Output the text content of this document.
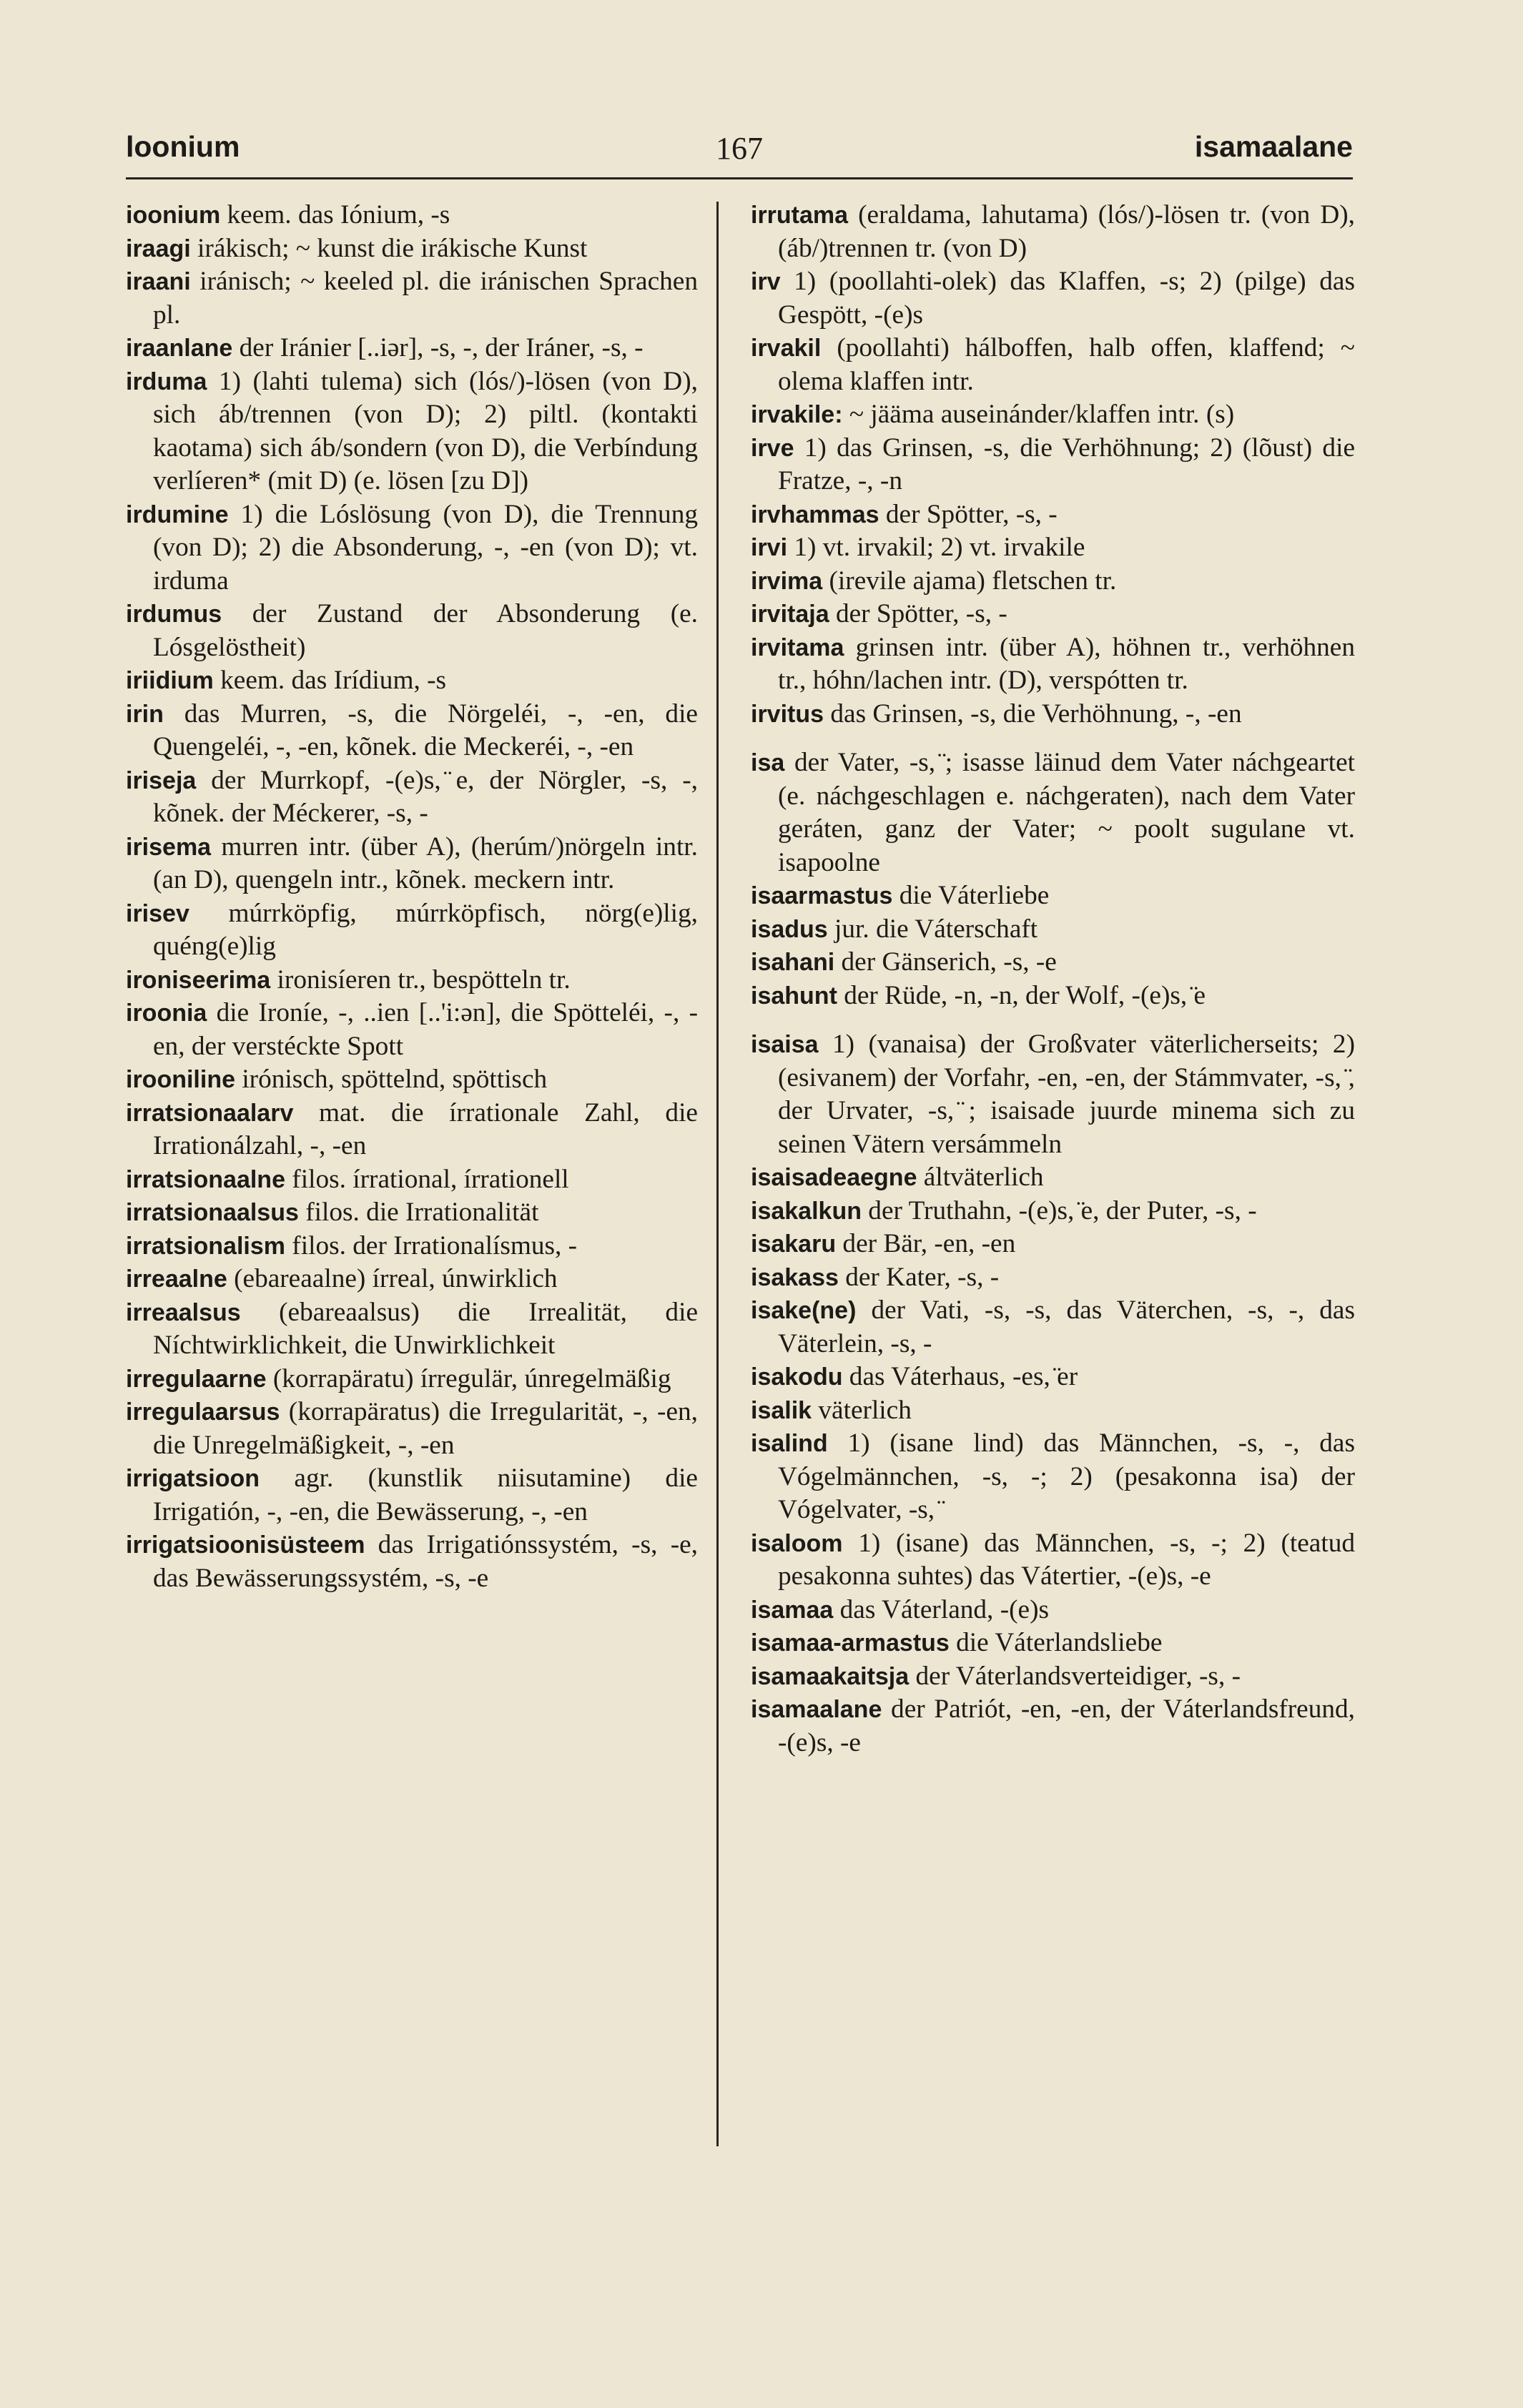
loonium	167	isamaalane
ioonium keem. das Iónium, -s
iraagi irákisch; ~ kunst die irákische Kunst
iraani iránisch; ~ keeled pl. die iránischen Sprachen pl.
iraanlane der Iránier [..iər], -s, -, der Iráner, -s, -
irduma 1) (lahti tulema) sich (lós/)-lösen (von D), sich áb/trennen (von D); 2) piltl. (kontakti kaotama) sich áb/sondern (von D), die Verbíndung verlíeren* (mit D) (e. lösen [zu D])
irdumine 1) die Lóslösung (von D), die Trennung (von D); 2) die Absonderung, -, -en (von D); vt. irduma
irdumus der Zustand der Absonderung (e. Lósgelöstheit)
iriidium keem. das Irídium, -s
irin das Murren, -s, die Nörgeléi, -, -en, die Quengeléi, -, -en, kõnek. die Meckeréi, -, -en
iriseja der Murrkopf, -(e)s, ̈e, der Nörgler, -s, -, kõnek. der Méckerer, -s, -
irisema murren intr. (über A), (herúm/)nörgeln intr. (an D), quengeln intr., kõnek. meckern intr.
irisev múrrköpfig, múrrköpfisch, nörg(e)lig, quéng(e)lig
ironiseerima ironisíeren tr., bespötteln tr.
iroonia die Ironíe, -, ..ien [..'i:ən], die Spötteléi, -, -en, der verstéckte Spott
irooniline irónisch, spöttelnd, spöttisch
irratsionaalarv mat. die írrationale Zahl, die Irrationálzahl, -, -en
irratsionaalne filos. írrational, írrationell
irratsionaalsus filos. die Irrationalität
irratsionalism filos. der Irrationalísmus, -
irreaalne (ebareaalne) írreal, únwirklich
irreaalsus (ebareaalsus) die Irrealität, die Níchtwirklichkeit, die Unwirklichkeit
irregulaarne (korrapäratu) írregulär, únregelmäßig
irregulaarsus (korrapäratus) die Irregularität, -, -en, die Unregelmäßigkeit, -, -en
irrigatsioon agr. (kunstlik niisutamine) die Irrigatión, -, -en, die Bewässerung, -, -en
irrigatsioonisüsteem das Irrigatiónssystém, -s, -e, das Bewässerungssystém, -s, -e
irrutama (eraldama, lahutama) (lós/)-lösen tr. (von D), (áb/)trennen tr. (von D)
irv 1) (poollahti-olek) das Klaffen, -s; 2) (pilge) das Gespött, -(e)s
irvakil (poollahti) hálboffen, halb offen, klaffend; ~ olema klaffen intr.
irvakile: ~ jääma auseinánder/klaffen intr. (s)
irve 1) das Grinsen, -s, die Verhöhnung; 2) (lõust) die Fratze, -, -n
irvhammas der Spötter, -s, -
irvi 1) vt. irvakil; 2) vt. irvakile
irvima (irevile ajama) fletschen tr.
irvitaja der Spötter, -s, -
irvitama grinsen intr. (über A), höhnen tr., verhöhnen tr., hóhn/lachen intr. (D), verspótten tr.
irvitus das Grinsen, -s, die Verhöhnung, -, -en
isa der Vater, -s, ̈; isasse läinud dem Vater náchgeartet (e. náchgeschlagen e. náchgeraten), nach dem Vater geráten, ganz der Vater; ~ poolt sugulane vt. isapoolne
isaarmastus die Váterliebe
isadus jur. die Váterschaft
isahani der Gänserich, -s, -e
isahunt der Rüde, -n, -n, der Wolf, -(e)s, ̈e
isaisa 1) (vanaisa) der Großvater väterlicherseits; 2) (esivanem) der Vorfahr, -en, -en, der Stámmvater, -s, ̈, der Urvater, -s, ̈; isaisade juurde minema sich zu seinen Vätern versámmeln
isaisadeaegne áltväterlich
isakalkun der Truthahn, -(e)s, ̈e, der Puter, -s, -
isakaru der Bär, -en, -en
isakass der Kater, -s, -
isake(ne) der Vati, -s, -s, das Väterchen, -s, -, das Väterlein, -s, -
isakodu das Váterhaus, -es, ̈er
isalik väterlich
isalind 1) (isane lind) das Männchen, -s, -, das Vógelmännchen, -s, -; 2) (pesakonna isa) der Vógelvater, -s, ̈
isaloom 1) (isane) das Männchen, -s, -; 2) (teatud pesakonna suhtes) das Vátertier, -(e)s, -e
isamaa das Váterland, -(e)s
isamaa-armastus die Váterlandsliebe
isamaakaitsja der Váterlandsverteidiger, -s, -
isamaalane der Patriót, -en, -en, der Váterlandsfreund, -(e)s, -e
